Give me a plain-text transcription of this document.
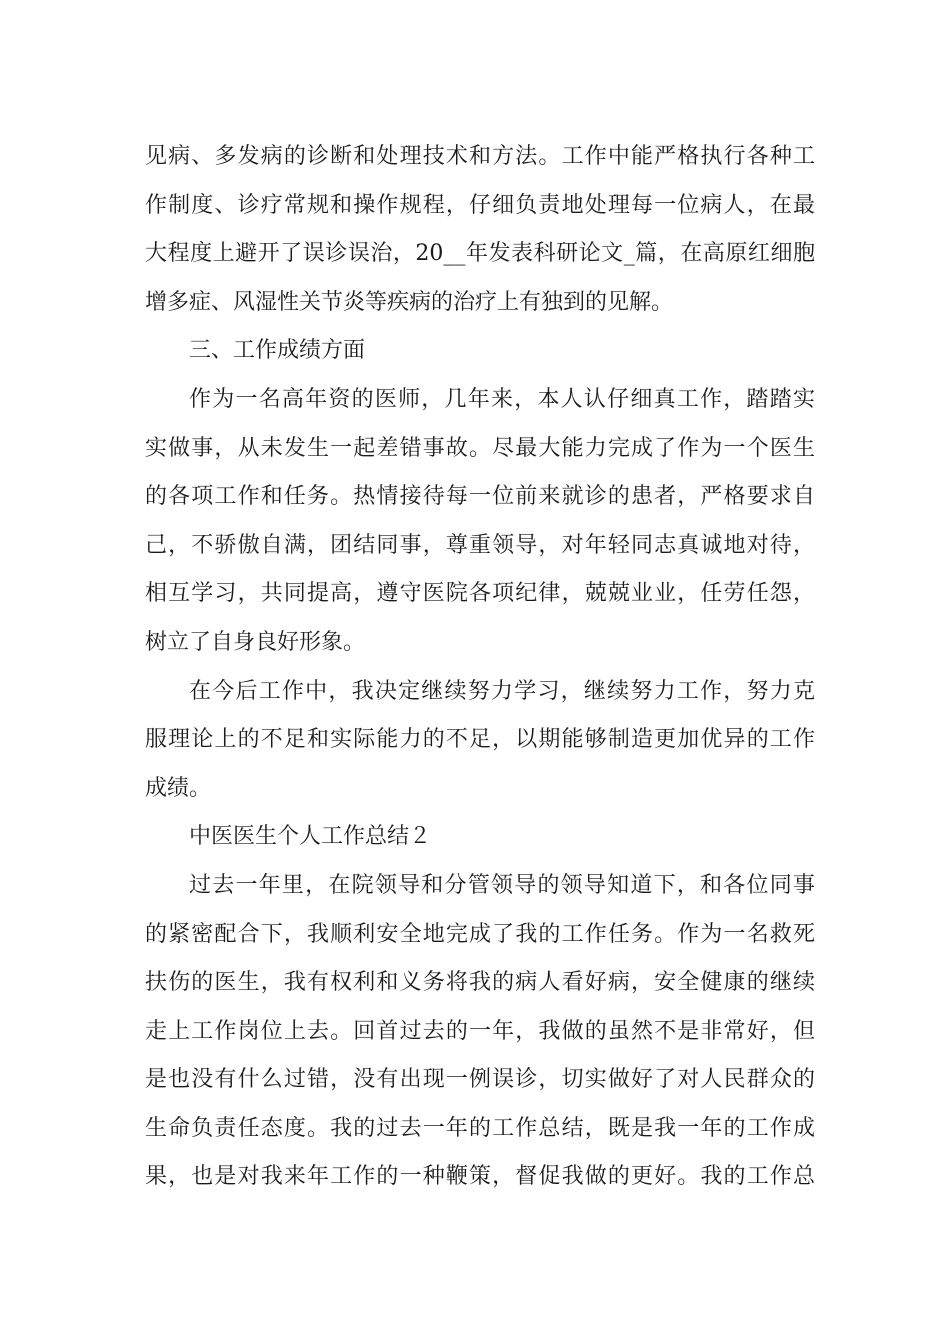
见病、多发病的诊断和处理技术和方法。工作中能严格执行各种工
作制度、诊疗常规和操作规程，仔细负责地处理每一位病人，在最
大程度上避开了误诊误治，20__年发表科研论文_篇，在高原红细胞
增多症、风湿性关节炎等疾病的治疗上有独到的见解。
三、工作成绩方面
作为一名高年资的医师，几年来，本人认仔细真工作，踏踏实
实做事，从未发生一起差错事故。尽最大能力完成了作为一个医生
的各项工作和任务。热情接待每一位前来就诊的患者，严格要求自
己，不骄傲自满，团结同事，尊重领导，对年轻同志真诚地对待，
相互学习，共同提高，遵守医院各项纪律，兢兢业业，任劳任怨，
树立了自身良好形象。
在今后工作中，我决定继续努力学习，继续努力工作，努力克
服理论上的不足和实际能力的不足，以期能够制造更加优异的工作
成绩。
中医医生个人工作总结２
过去一年里，在院领导和分管领导的领导知道下，和各位同事
的紧密配合下，我顺利安全地完成了我的工作任务。作为一名救死
扶伤的医生，我有权利和义务将我的病人看好病，安全健康的继续
走上工作岗位上去。回首过去的一年，我做的虽然不是非常好，但
是也没有什么过错，没有出现一例误诊，切实做好了对人民群众的
生命负责任态度。我的过去一年的工作总结，既是我一年的工作成
果，也是对我来年工作的一种鞭策，督促我做的更好。我的工作总
